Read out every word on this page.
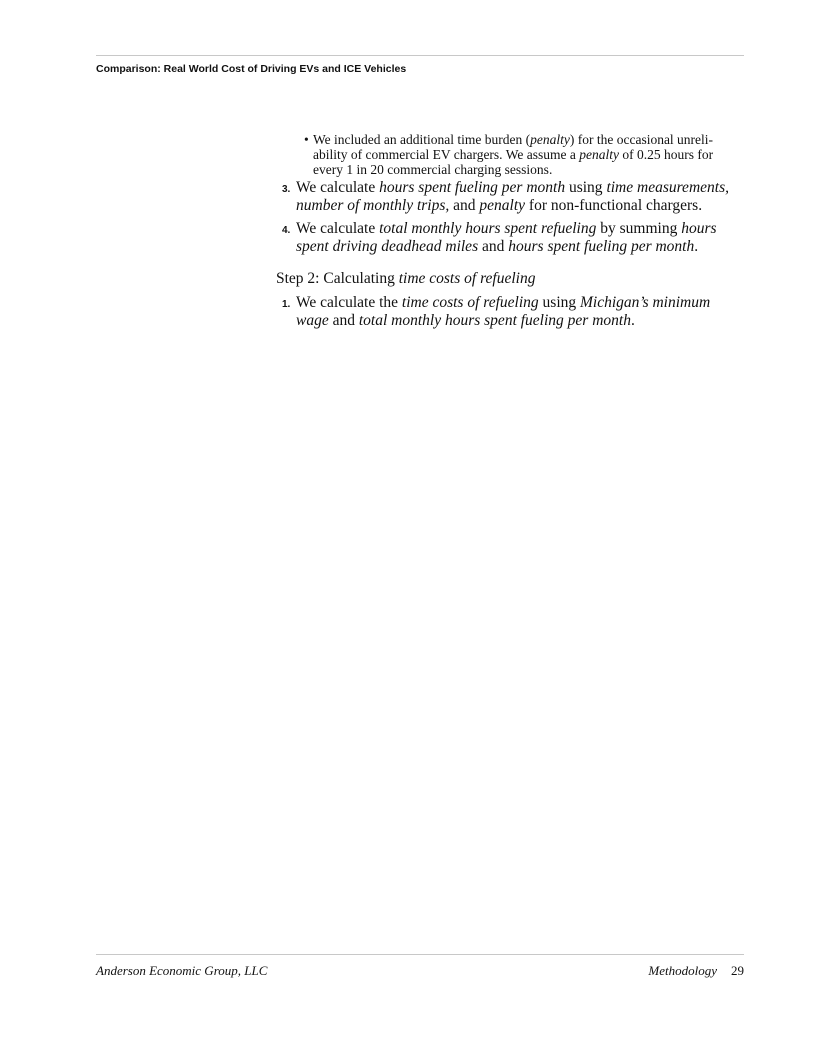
Comparison: Real World Cost of Driving EVs and ICE Vehicles
• We included an additional time burden (penalty) for the occasional unreli-
ability of commercial EV chargers. We assume a penalty of 0.25 hours for
every 1 in 20 commercial charging sessions.
3. We calculate hours spent fueling per month using time measurements,
number of monthly trips, and penalty for non-functional chargers.
4. We calculate total monthly hours spent refueling by summing hours
spent driving deadhead miles and hours spent fueling per month.
Step 2: Calculating time costs of refueling
1. We calculate the time costs of refueling using Michigan’s minimum
wage and total monthly hours spent fueling per month.
Anderson Economic Group, LLC	Methodology 29
